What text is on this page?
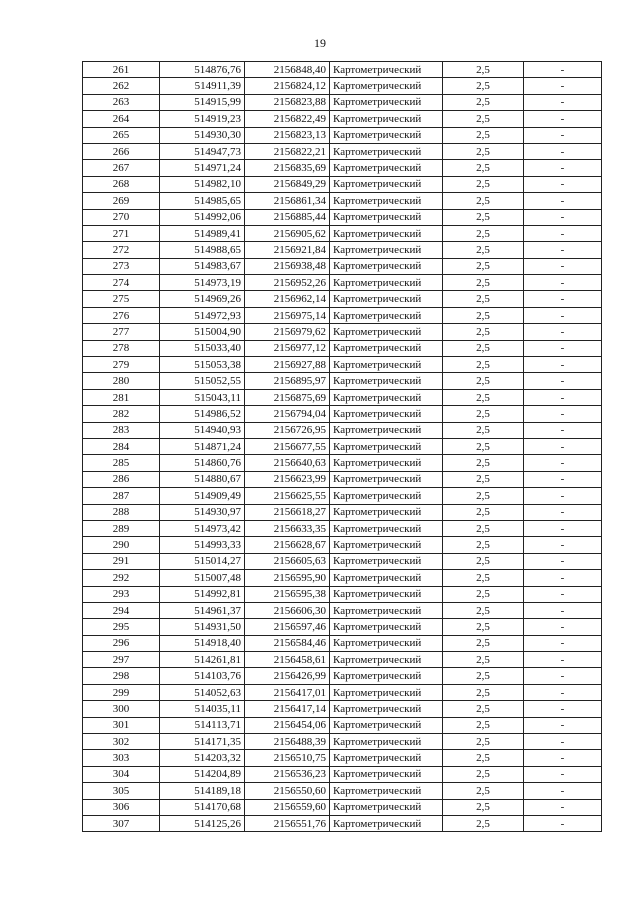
19
261	514876,76	2156848,40	Картометрический	2,5	-
262	514911,39	2156824,12	Картометрический	2,5	-
263	514915,99	2156823,88	Картометрический	2,5	-
264	514919,23	2156822,49	Картометрический	2,5	-
265	514930,30	2156823,13	Картометрический	2,5	-
266	514947,73	2156822,21	Картометрический	2,5	-
267	514971,24	2156835,69	Картометрический	2,5	-
268	514982,10	2156849,29	Картометрический	2,5	-
269	514985,65	2156861,34	Картометрический	2,5	-
270	514992,06	2156885,44	Картометрический	2,5	-
271	514989,41	2156905,62	Картометрический	2,5	-
272	514988,65	2156921,84	Картометрический	2,5	-
273	514983,67	2156938,48	Картометрический	2,5	-
274	514973,19	2156952,26	Картометрический	2,5	-
275	514969,26	2156962,14	Картометрический	2,5	-
276	514972,93	2156975,14	Картометрический	2,5	-
277	515004,90	2156979,62	Картометрический	2,5	-
278	515033,40	2156977,12	Картометрический	2,5	-
279	515053,38	2156927,88	Картометрический	2,5	-
280	515052,55	2156895,97	Картометрический	2,5	-
281	515043,11	2156875,69	Картометрический	2,5	-
282	514986,52	2156794,04	Картометрический	2,5	-
283	514940,93	2156726,95	Картометрический	2,5	-
284	514871,24	2156677,55	Картометрический	2,5	-
285	514860,76	2156640,63	Картометрический	2,5	-
286	514880,67	2156623,99	Картометрический	2,5	-
287	514909,49	2156625,55	Картометрический	2,5	-
288	514930,97	2156618,27	Картометрический	2,5	-
289	514973,42	2156633,35	Картометрический	2,5	-
290	514993,33	2156628,67	Картометрический	2,5	-
291	515014,27	2156605,63	Картометрический	2,5	-
292	515007,48	2156595,90	Картометрический	2,5	-
293	514992,81	2156595,38	Картометрический	2,5	-
294	514961,37	2156606,30	Картометрический	2,5	-
295	514931,50	2156597,46	Картометрический	2,5	-
296	514918,40	2156584,46	Картометрический	2,5	-
297	514261,81	2156458,61	Картометрический	2,5	-
298	514103,76	2156426,99	Картометрический	2,5	-
299	514052,63	2156417,01	Картометрический	2,5	-
300	514035,11	2156417,14	Картометрический	2,5	-
301	514113,71	2156454,06	Картометрический	2,5	-
302	514171,35	2156488,39	Картометрический	2,5	-
303	514203,32	2156510,75	Картометрический	2,5	-
304	514204,89	2156536,23	Картометрический	2,5	-
305	514189,18	2156550,60	Картометрический	2,5	-
306	514170,68	2156559,60	Картометрический	2,5	-
307	514125,26	2156551,76	Картометрический	2,5	-
